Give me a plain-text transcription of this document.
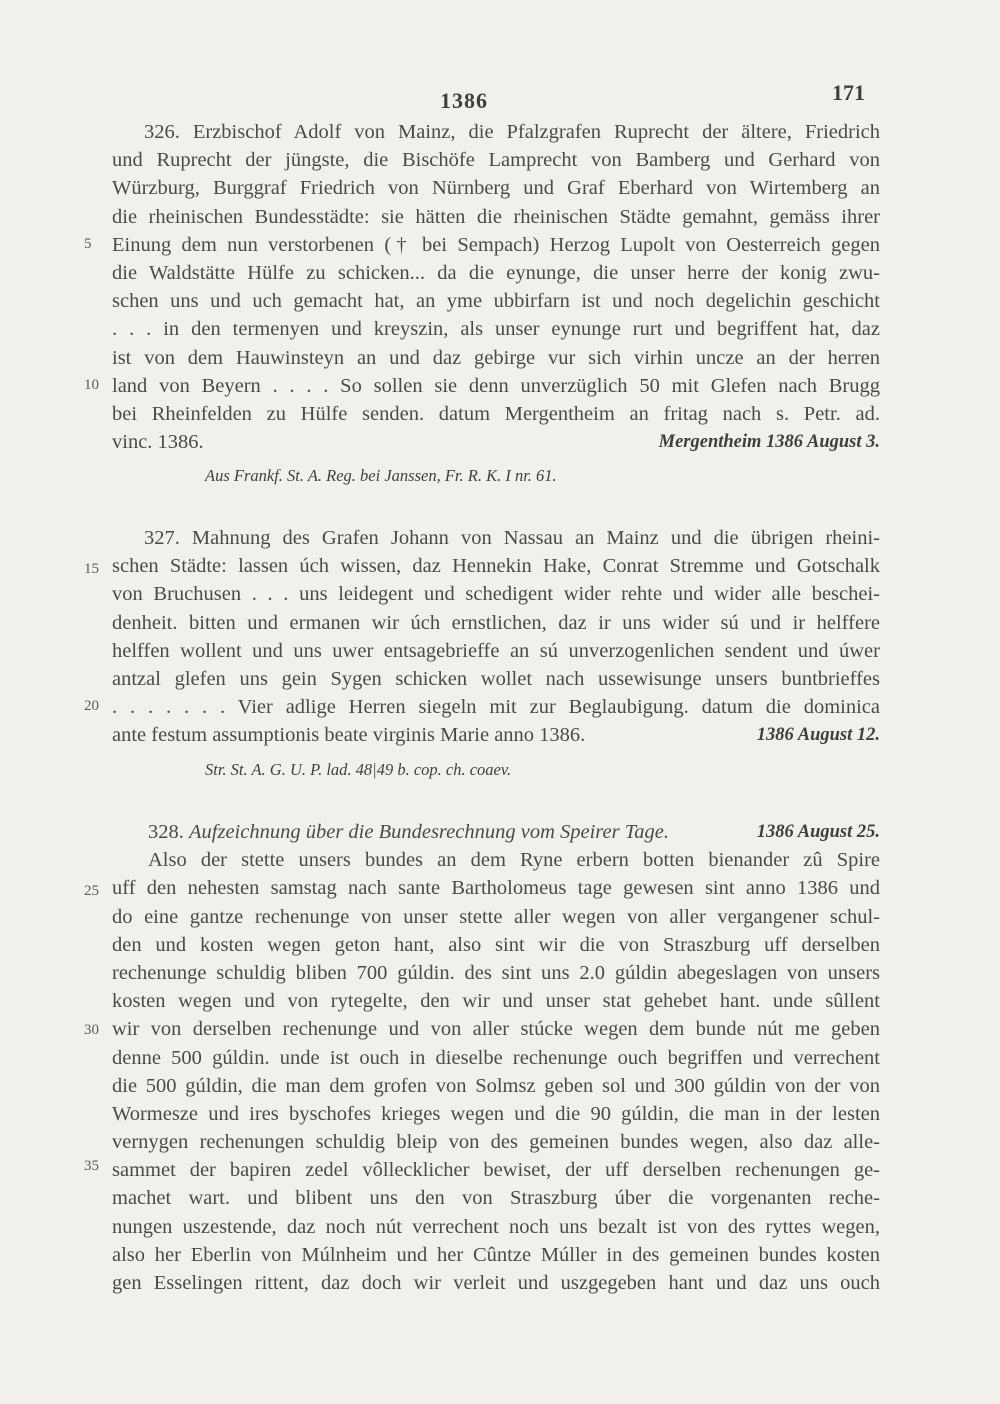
1386	171
5
10
15
20
25
30
35
326. Erzbischof Adolf von Mainz, die Pfalzgrafen Ruprecht der ältere, Friedrich
und Ruprecht der jüngste, die Bischöfe Lamprecht von Bamberg und Gerhard von
Würzburg, Burggraf Friedrich von Nürnberg und Graf Eberhard von Wirtemberg an
die rheinischen Bundesstädte: sie hätten die rheinischen Städte gemahnt, gemäss ihrer
Einung dem nun verstorbenen († bei Sempach) Herzog Lupolt von Oesterreich gegen
die Waldstätte Hülfe zu schicken... da die eynunge, die unser herre der konig zwu-
schen uns und uch gemacht hat, an yme ubbirfarn ist und noch degelichin geschicht
. . . in den termenyen und kreyszin, als unser eynunge rurt und begriffent hat, daz
ist von dem Hauwinsteyn an und daz gebirge vur sich virhin uncze an der herren
land von Beyern . . . . So sollen sie denn unverzüglich 50 mit Glefen nach Brugg
bei Rheinfelden zu Hülfe senden. datum Mergentheim an fritag nach s. Petr. ad.
vinc. 1386.	Mergentheim 1386 August 3.
Aus Frankf. St. A. Reg. bei Janssen, Fr. R. K. I nr. 61.
327. Mahnung des Grafen Johann von Nassau an Mainz und die übrigen rheini-
schen Städte: lassen úch wissen, daz Hennekin Hake, Conrat Stremme und Gotschalk
von Bruchusen . . . uns leidegent und schedigent wider rehte und wider alle beschei-
denheit. bitten und ermanen wir úch ernstlichen, daz ir uns wider sú und ir helffere
helffen wollent und uns uwer entsagebrieffe an sú unverzogenlichen sendent und úwer
antzal glefen uns gein Sygen schicken wollet nach ussewisunge unsers buntbrieffes
. . . . . . . Vier adlige Herren siegeln mit zur Beglaubigung. datum die dominica
ante festum assumptionis beate virginis Marie anno 1386.	1386 August 12.
Str. St. A. G. U. P. lad. 48|49 b. cop. ch. coaev.
328. Aufzeichnung über die Bundesrechnung vom Speirer Tage.	1386 August 25.
Also der stette unsers bundes an dem Ryne erbern botten bienander zû Spire
uff den nehesten samstag nach sante Bartholomeus tage gewesen sint anno 1386 und
do eine gantze rechenunge von unser stette aller wegen von aller vergangener schul-
den und kosten wegen geton hant, also sint wir die von Straszburg uff derselben
rechenunge schuldig bliben 700 gúldin. des sint uns 2.0 gúldin abegeslagen von unsers
kosten wegen und von rytegelte, den wir und unser stat gehebet hant. unde sûllent
wir von derselben rechenunge und von aller stúcke wegen dem bunde nút me geben
denne 500 gúldin. unde ist ouch in dieselbe rechenunge ouch begriffen und verrechent
die 500 gúldin, die man dem grofen von Solmsz geben sol und 300 gúldin von der von
Wormesze und ires byschofes krieges wegen und die 90 gúldin, die man in der lesten
vernygen rechenungen schuldig bleip von des gemeinen bundes wegen, also daz alle-
sammet der bapiren zedel vôllecklicher bewiset, der uff derselben rechenungen ge-
machet wart. und blibent uns den von Straszburg úber die vorgenanten reche-
nungen uszestende, daz noch nút verrechent noch uns bezalt ist von des ryttes wegen,
also her Eberlin von Múlnheim und her Cûntze Múller in des gemeinen bundes kosten
gen Esselingen rittent, daz doch wir verleit und uszgegeben hant und daz uns ouch
